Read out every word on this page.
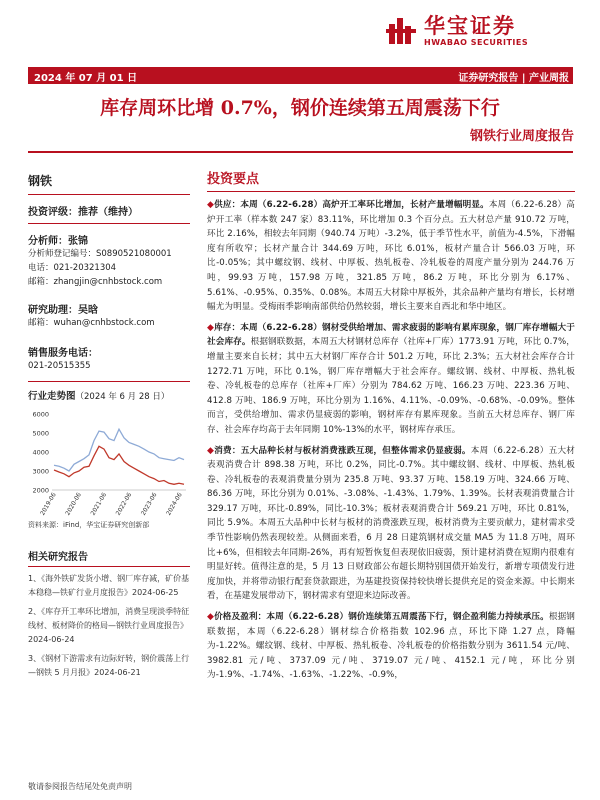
华宝证券
HWABAO SECURITIES
2024 年 07 月 01 日	证券研究报告 | 产业周报
库存周环比增 0.7%，钢价连续第五周震荡下行
钢铁行业周度报告
钢铁
投资评级：推荐（维持）
分析师：张锦
分析师登记编号：S0890521080001
电话：021-20321304
邮箱：zhangjin@cnhbstock.com
研究助理：吴晗
邮箱：wuhan@cnhbstock.com
销售服务电话：
021-20515355
行业走势图（2024 年 6 月 28 日）
6000
5000
4000
3000
2000
2019-06 2020-06 2021-06 2022-06 2023-06 2024-06
资料来源：iFind，华宝证券研究创新部
相关研究报告
1、《海外铁矿发货小增、钢厂库存减，矿价基本稳稳—铁矿行业月度报告》2024-06-25
2、《库存开工率环比增加，消费呈现淡季特征 线材、板材降价的格局—钢铁行业周度报告》2024-06-24
3、《钢材下游需求有边际好转，钢价震荡上行—钢铁 5 月月报》2024-06-21
投资要点
◆供应：本周（6.22-6.28）高炉开工率环比增加，长材产量增幅明显。本周（6.22-6.28）高炉开工率（样本数 247 家）83.11%，环比增加 0.3 个百分点。五大材总产量 910.72 万吨，环比 2.16%，相较去年同期（940.74 万吨）-3.2%，低于季节性水平，前值为-4.5%，下滑幅度有所收窄；长材产量合计 344.69 万吨，环比 6.01%，板材产量合计 566.03 万吨，环比-0.05%；其中螺纹钢、线材、中厚板、热轧板卷、冷轧板卷的周度产量分别为 244.76 万吨，99.93 万吨，157.98 万吨，321.85 万吨，86.2 万吨，环比分别为 6.17%、5.61%、-0.95%、0.35%、0.08%。本周五大材除中厚板外，其余品种产量均有增长，长材增幅尤为明显。受梅雨季影响南部供给仍然较弱，增长主要来自西北和华中地区。
◆库存：本周（6.22-6.28）钢材受供给增加、需求疲弱的影响有累库现象，钢厂库存增幅大于社会库存。根据钢联数据，本周五大材钢材总库存（社库+厂库）1773.91 万吨，环比 0.7%，增量主要来自长材；其中五大材钢厂库存合计 501.2 万吨，环比 2.3%；五大材社会库存合计 1272.71 万吨，环比 0.1%，钢厂库存增幅大于社会库存。螺纹钢、线材、中厚板、热轧板卷、冷轧板卷的总库存（社库+厂库）分别为 784.62 万吨、166.23 万吨、223.36 万吨、412.8 万吨、186.9 万吨，环比分别为 1.16%、4.11%、-0.09%、-0.68%、-0.09%。整体而言，受供给增加、需求仍显疲弱的影响，钢材库存有累库现象。当前五大材总库存、钢厂库存、社会库存均高于去年同期 10%-13%的水平，钢材库存承压。
◆消费：五大品种长材与板材消费涨跌互现，但整体需求仍显疲弱。本周（6.22-6.28）五大材表观消费合计 898.38 万吨，环比 0.2%，同比-0.7%。其中螺纹钢、线材、中厚板、热轧板卷、冷轧板卷的表观消费量分别为 235.8 万吨、93.37 万吨、158.19 万吨、324.66 万吨、86.36 万吨，环比分别为 0.01%、-3.08%、-1.43%、1.79%、1.39%。长材表观消费量合计 329.17 万吨，环比-0.89%，同比-10.3%；板材表观消费合计 569.21 万吨，环比 0.81%，同比 5.9%。本周五大品种中长材与板材的消费涨跌互现，板材消费为主要贡献力，建材需求受季节性影响仍然表现较差。从侧面来看，6 月 28 日建筑钢材成交量 MA5 为 11.8 万吨，周环比+6%，但相较去年同期-26%，再有短暂恢复但表现依旧疲弱，预计建材消费在短期内很难有明显好转。值得注意的是，5 月 13 日财政部公布超长期特别国债开始发行，新增专项债发行进度加快，并将带动银行配套贷款跟进，为基建投资保持较快增长提供充足的资金来源。中长期来看，在基建发展带动下，钢材需求有望迎来边际改善。
◆价格及盈利：本周（6.22-6.28）钢价连续第五周震荡下行，钢企盈利能力持续承压。根据钢联数据，本周（6.22-6.28）钢材综合价格指数 102.96 点，环比下降 1.27 点，降幅为-1.22%。螺纹钢、线材、中厚板、热轧板卷、冷轧板卷的价格指数分别为 3611.54 元/吨、3982.81 元/吨、3737.09 元/吨、3719.07 元/吨、4152.1 元/吨，环比分别为-1.9%、-1.74%、-1.63%、-1.22%、-0.9%，
敬请参阅报告结尾处免责声明
